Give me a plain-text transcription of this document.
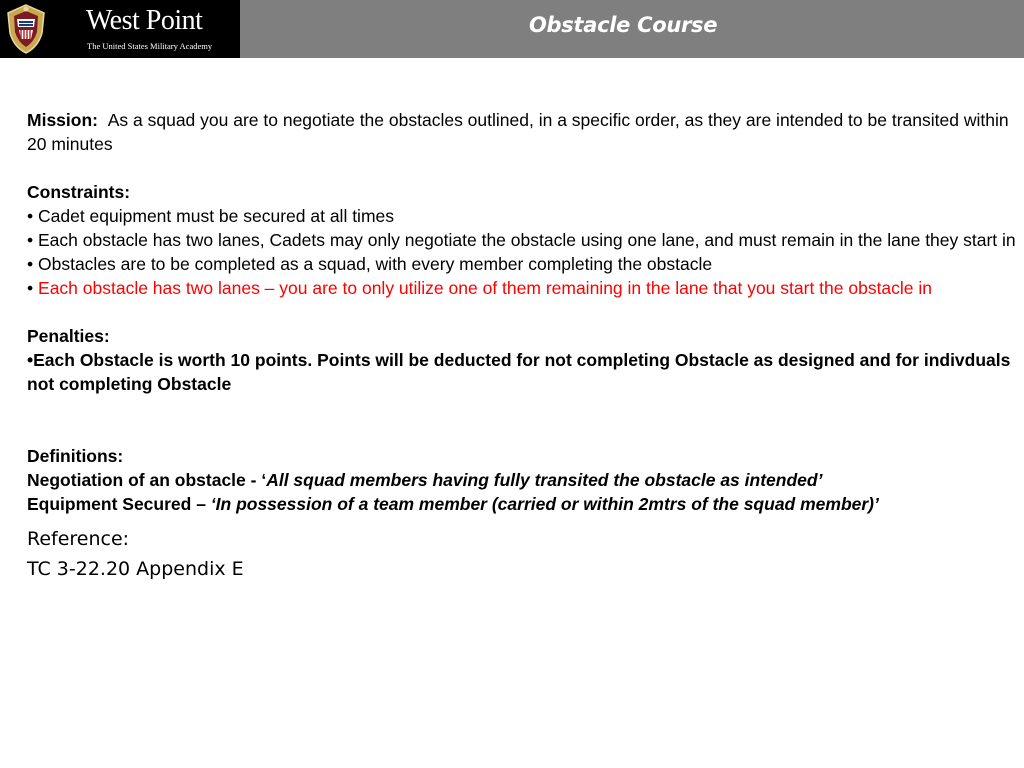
West Point
The United States Military Academy
Obstacle Course

Mission: As a squad you are to negotiate the obstacles outlined, in a specific order, as they are intended to be transited within 20 minutes

Constraints:

• Cadet equipment must be secured at all times

• Each obstacle has two lanes, Cadets may only negotiate the obstacle using one lane, and must remain in the lane they start in

• Obstacles are to be completed as a squad, with every member completing the obstacle

• Each obstacle has two lanes – you are to only utilize one of them remaining in the lane that you start the obstacle in

Penalties:

•Each Obstacle is worth 10 points. Points will be deducted for not completing Obstacle as designed and for indivduals not completing Obstacle

Definitions:

Negotiation of an obstacle - ‘All squad members having fully transited the obstacle as intended’

Equipment Secured – ‘In possession of a team member (carried or within 2mtrs of the squad member)’

Reference:
TC 3-22.20 Appendix E
